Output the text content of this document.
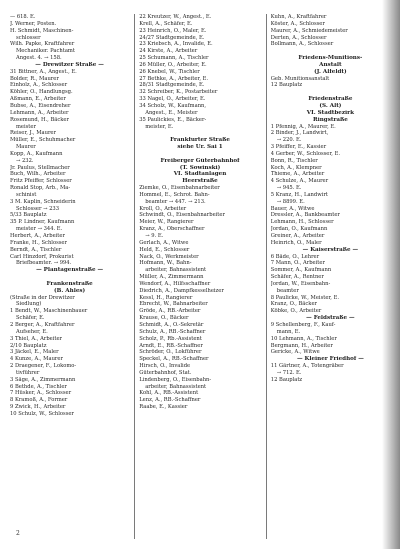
— 618. E.
J. Werner, Posten.
H. Schmidt, Maschinen-
schlosser
Wilh. Papke, Kraftfahrer
Mechaniker. Pachtamt
Angest. 4. → 158.
— Drewitzer Straße —
31 Bittner, A., Angest., E.
Bolder, R., Maurer
Einholz, A., Schlosser
Köhler, O., Handlungsg.
Aßmann, E., Arbeiter
Bubse, A., Eisendreher
Lehmann, A., Arbeiter
Rosemund, H., Bäcker
meister
Reiser, J., Maurer
Müller, E., Schuhmacher
Maurer
Kopp, A., Kaufmann
→ 232.
Jr. Paulus, Stellmacher
Buch, Wilh., Arbeiter
Fritz Pfeiffer, Schlosser
Ronald Stop, Arb., Ma-
schinist
3 M. Kaplin, Schneiderin
Schlosser → 233
5/33 Bauplatz
35 P. Lindner, Kaufmann
meister → 344. E.
Herbert, A., Arbeiter
Franke, H., Schlosser
Berndt, A., Tischler
Carl Hinzdorf, Prokurist
Briefbeamter. → 994.
— Plantagenstraße —

Frankenstraße
(B. Ahles)
(Straße in der Drewitzer
Siedlung)
1 Bendt, W., Maschinenbauer
Schäfer, E.
2 Berger, A., Kraftfahrer
Aufseher, E.
3 Thiel, A., Arbeiter
2/10 Bauplatz
3 Jäckel, E., Maler
4 Kunze, A., Maurer
2 Draegener, F., Lokomo-
tivführer
3 Säge, A., Zimmermann
6 Bethde, A., Tischler
7 Hüsker, A., Schlosser
8 Kramoß, A., Former
9 Zwick, H., Arbeiter
10 Schulz, W., Schlosser
22 Kreutzer, W., Angest., E.
Krell, A., Schäfer, E.
23 Heinrich, O., Maler, E.
24/27 Stadtgemeinde, E.
23 Kriebsch, A., Invalide, E.
24 Kirste, A., Arbeiter
25 Schumann, A., Tischler
26 Müller, O., Arbeiter, E.
26 Knebel, W., Tischler
27 Bethke, A., Arbeiter, E.
28/31 Stadtgemeinde, E.
32 Schreiber, K., Postarbeiter
33 Nagel, O., Arbeiter, E.
34 Scholz, W., Kaufmann,
Angest., E., Meister
35 Paulickies, E., Bäcker-
meister, E.

Frankfurter Straße
siehe Ur. Sai 1

Freiberger Güterbahnhof
(T. Sowinski)
VI. Stadtanlagen
Heerstraße
Ziemke, O., Eisenbahnarbeiter
Hommel, E., Schrot. Bahn-
beamter → 447. → 213.
Kroll, O., Arbeiter
Schwindt, O., Eisenbahnarbeiter
Meier, W., Rangierer
Kranz, A., Oberschaffner
→ 9. E.
Gerlach, A., Witwe
Held, E., Schlosser
Nack, O., Werkmeister
Hofmann, W., Bahn-
arbeiter, Bahnassistent
Müller, A., Zimmermann
Wendorf, A., Hilfsschaffner
Diedrich, A., Dampfkesselheizer
Kessl, H., Rangierer
Ebrecht, W., Bahnarbeiter
Gröde, A., RB.-Arbeiter
Krause, O., Bäcker
Schmidt, A., O.-Sekretär
Schulz, A., RB.-Schaffner
Scholz, P., Rb.-Assistent
Arndt, E., RB.-Schaffner
Schröder, O., Lokführer
Speckel, A., RB.-Schaffner
Hirsch, O., Invalide
Güterbahnhof, Stat.
Lindenberg, O., Eisenbahn-
arbeiter, Bahnassistent
Kohl, A., RB.-Assistent
Lenz, A., RB.-Schaffner
Raabe, E., Kassier
Kuhn, A., Kraftfahrer
Köster, A., Schlosser
Maurer, A., Schmiedemeister
Derten, A., Schlosser
Bollmann, A., Schlosser

Friedens-Munitions-
Anstalt
(J. Alfeldt)
Geb. Munitionsanstalt
12 Bauplatz

Friedenstraße
(S. Alt)
VI. Stadtbezirk
Ringstraße
1 Pfennig, A., Maurer, E.
2 Binder, J., Landwirt,
→ 220. E.
3 Pfeiffer, E., Kassier
4 Gerber, W., Schlosser, E.
Bonn, R., Tischler
Koch, A., Klempner
Thieme, A., Arbeiter
4 Schulze, A., Maurer
→ 945. E.
5 Kranz, H., Landwirt
→ 8899. E.
Bauer, A., Witwe
Dressler, A., Bankbeamter
Lehmann, H., Schlosser
Jordan, O., Kaufmann
Greiner, A., Arbeiter
Heinrich, O., Maler
— Kaiserstraße —
6 Bäde, O., Lehrer
7 Mann, O., Arbeiter
Sommer, A., Kaufmann
Schäfer, A., Rentner
Jordan, W., Eisenbahn-
beamter
8 Paulicke, W., Meister, E.
Kranz, O., Bäcker
Köbke, O., Arbeiter
— Feldstraße —
9 Schellenberg, F., Kauf-
mann, E.
10 Lehmann, A., Tischler
Bergmann, H., Arbeiter
Gericke, A., Witwe
— Kleiner Friedhof —
11 Gärtner, A., Totengräber
→ 712. E.
12 Bauplatz
2
